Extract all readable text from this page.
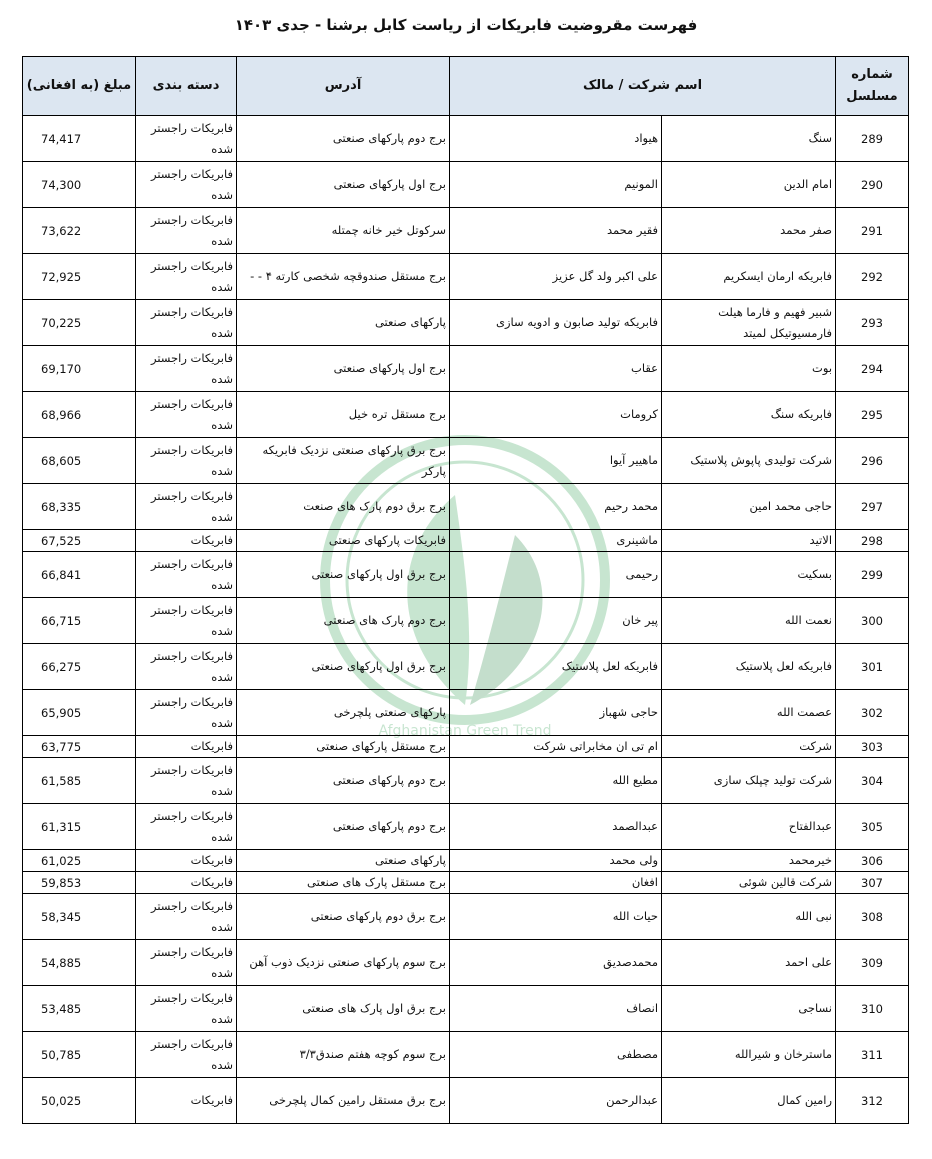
فهرست مقروضیت فابریکات از ریاست کابل برشنا - جدی ۱۴۰۳
Afghanistan Green Trend
شماره مسلسل	اسم شرکت / مالک		آدرس	دسته بندی	مبلغ (به افغانی)
289	سنگ	هیواد	برج دوم پارکهای صنعتی	فابریکات راجستر شده	74,417
290	امام الدین	المونیم	برج اول پارکهای صنعتی	فابریکات راجستر شده	74,300
291	صفر محمد	فقیر محمد	سرکوتل خیر خانه چمتله	فابریکات راجستر شده	73,622
292	فابریکه ارمان ایسکریم	علی اکبر ولد گل عزیز	برج مستقل صندوقچه شخصی کارته ۴ - -	فابریکات راجستر شده	72,925
293	شبیر فهیم و فارما هیلت فارمسیوتیکل لمیتد	فابریکه تولید صابون و ادویه سازی	پارکهای صنعتی	فابریکات راجستر شده	70,225
294	بوت	عقاب	برج اول پارکهای صنعتی	فابریکات راجستر شده	69,170
295	فابریکه سنگ	کرومات	برج مستقل تره خیل	فابریکات راجستر شده	68,966
296	شرکت تولیدی پاپوش پلاستیک	ماهییر آیوا	برج برق پارکهای صنعتی نزدیک فابریکه پارکر	فابریکات راجستر شده	68,605
297	حاجی محمد امین	محمد رحیم	برج برق دوم پارک های صنعت	فابریکات راجستر شده	68,335
298	الاتید	ماشینری	فابریکات پارکهای صنعتی	فابریکات	67,525
299	بسکیت	رحیمی	برج برق اول پارکهای صنعتی	فابریکات راجستر شده	66,841
300	نعمت الله	پیر خان	برج دوم پارک های صنعتی	فابریکات راجستر شده	66,715
301	فابریکه لعل پلاستیک	فابریکه لعل پلاستیک	برج برق اول پارکهای صنعتی	فابریکات راجستر شده	66,275
302	عصمت الله	حاجی شهباز	پارکهای صنعتی پلچرخی	فابریکات راجستر شده	65,905
303	شرکت	ام تی ان مخابراتی شرکت	برج مستقل پارکهای صنعتی	فابریکات	63,775
304	شرکت تولید چپلک سازی	مطیع الله	برج دوم پارکهای صنعتی	فابریکات راجستر شده	61,585
305	عبدالفتاح	عبدالصمد	برج دوم پارکهای صنعتی	فابریکات راجستر شده	61,315
306	خیرمحمد	ولی محمد	پارکهای صنعتی	فابریکات	61,025
307	شرکت قالین شوئی	افغان	برج مستقل پارک های صنعتی	فابریکات	59,853
308	نبی الله	حیات الله	برج برق دوم پارکهای صنعتی	فابریکات راجستر شده	58,345
309	علی احمد	محمدصدیق	برج سوم پارکهای صنعتی نزدیک ذوب آهن	فابریکات راجستر شده	54,885
310	نساجی	انصاف	برج برق اول پارک های صنعتی	فابریکات راجستر شده	53,485
311	ماسترخان و شیرالله	مصطفی	برج سوم کوچه هفتم صندق۳/۳	فابریکات راجستر شده	50,785
312	رامین کمال	عبدالرحمن	برج برق مستقل رامین کمال پلچرخی	فابریکات	50,025
